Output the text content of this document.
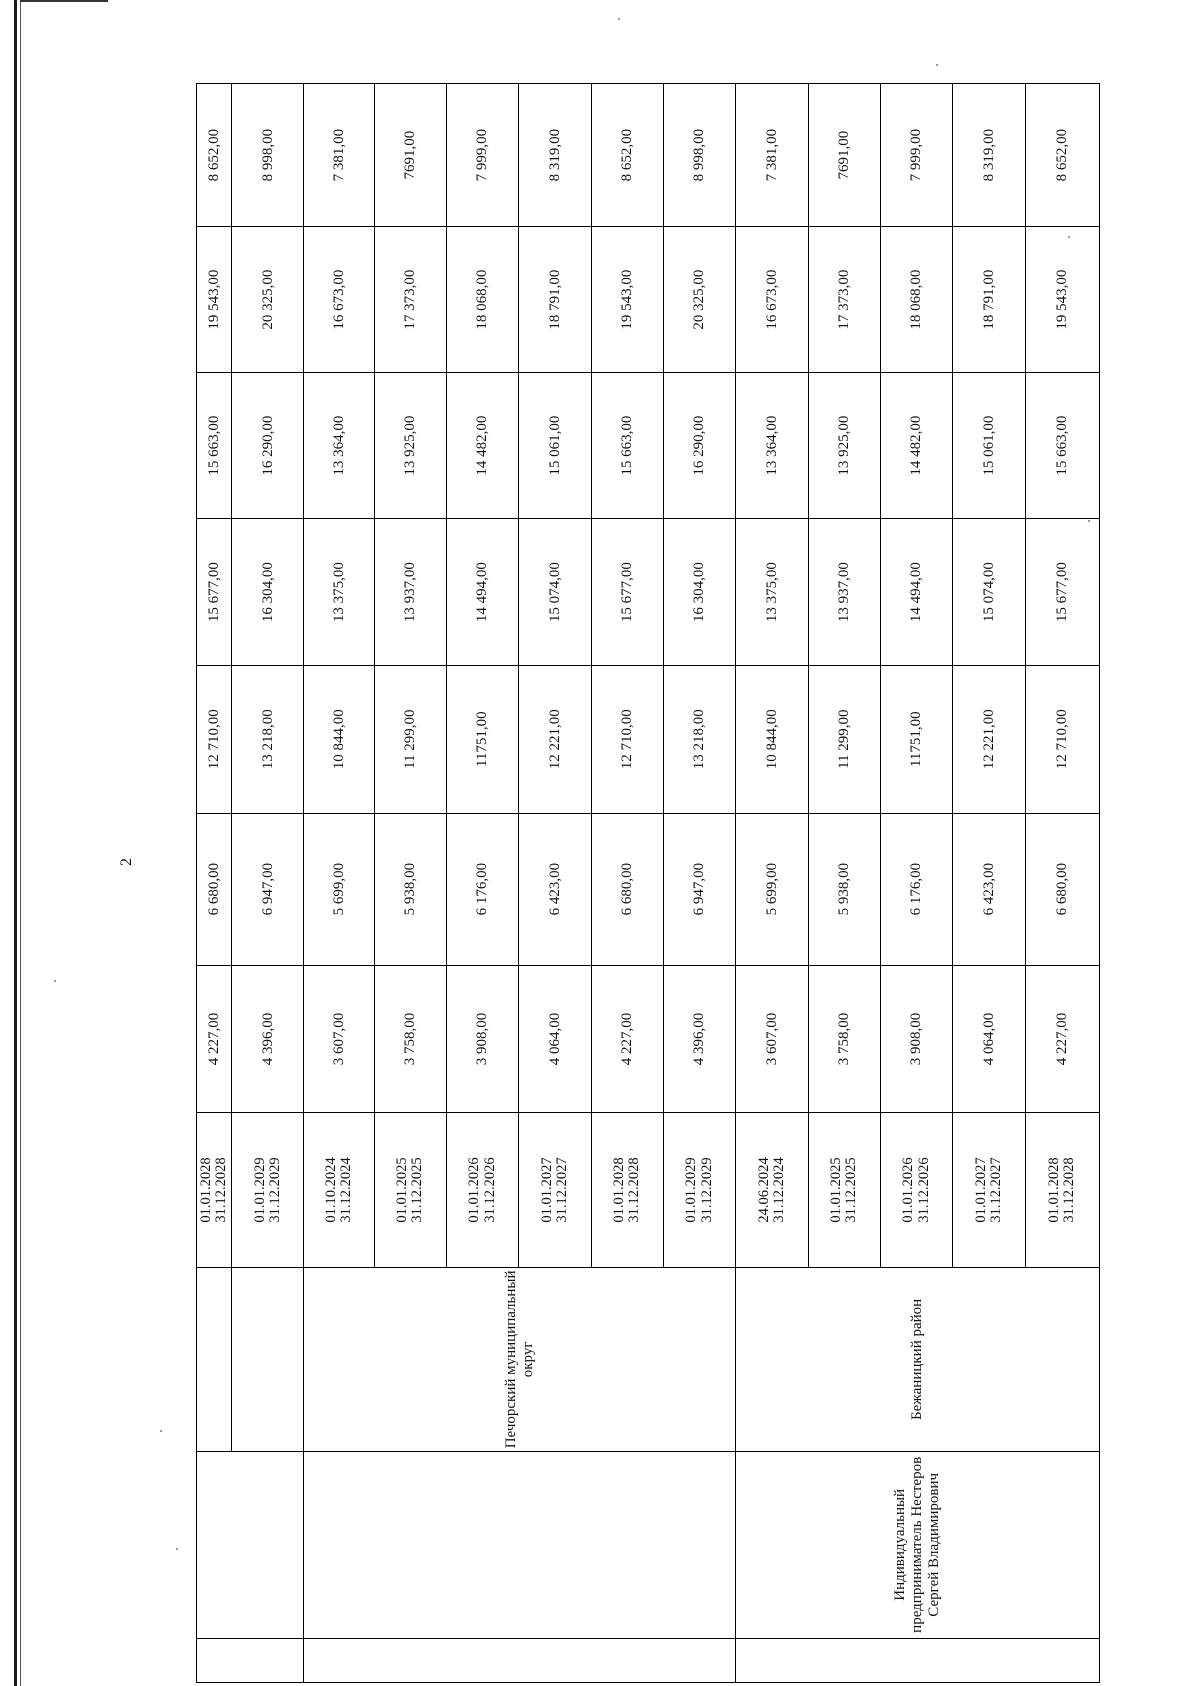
2

			01.01.2028 31.12.2028	4 227,00	6 680,00	12 710,00	15 677,00	15 663,00	19 543,00	8 652,00

			01.01.2029 31.12.2029	4 396,00	6 947,00	13 218,00	16 304,00	16 290,00	20 325,00	8 998,00
		Печорский муниципальный округ	01.10.2024 31.12.2024	3 607,00	5 699,00	10 844,00	13 375,00	13 364,00	16 673,00	7 381,00

			01.01.2025 31.12.2025	3 758,00	5 938,00	11 299,00	13 937,00	13 925,00	17 373,00	7691,00

			01.01.2026 31.12.2026	3 908,00	6 176,00	11751,00	14 494,00	14 482,00	18 068,00	7 999,00

			01.01.2027 31.12.2027	4 064,00	6 423,00	12 221,00	15 074,00	15 061,00	18 791,00	8 319,00

			01.01.2028 31.12.2028	4 227,00	6 680,00	12 710,00	15 677,00	15 663,00	19 543,00	8 652,00

			01.01.2029 31.12.2029	4 396,00	6 947,00	13 218,00	16 304,00	16 290,00	20 325,00	8 998,00
	Индивидуальный предприниматель Нестеров Сергей Владимирович	Бежаницкий район	24.06.2024 31.12.2024	3 607,00	5 699,00	10 844,00	13 375,00	13 364,00	16 673,00	7 381,00

			01.01.2025 31.12.2025	3 758,00	5 938,00	11 299,00	13 937,00	13 925,00	17 373,00	7691,00

			01.01.2026 31.12.2026	3 908,00	6 176,00	11751,00	14 494,00	14 482,00	18 068,00	7 999,00

			01.01.2027 31.12.2027	4 064,00	6 423,00	12 221,00	15 074,00	15 061,00	18 791,00	8 319,00

			01.01.2028 31.12.2028	4 227,00	6 680,00	12 710,00	15 677,00	15 663,00	19 543,00	8 652,00
